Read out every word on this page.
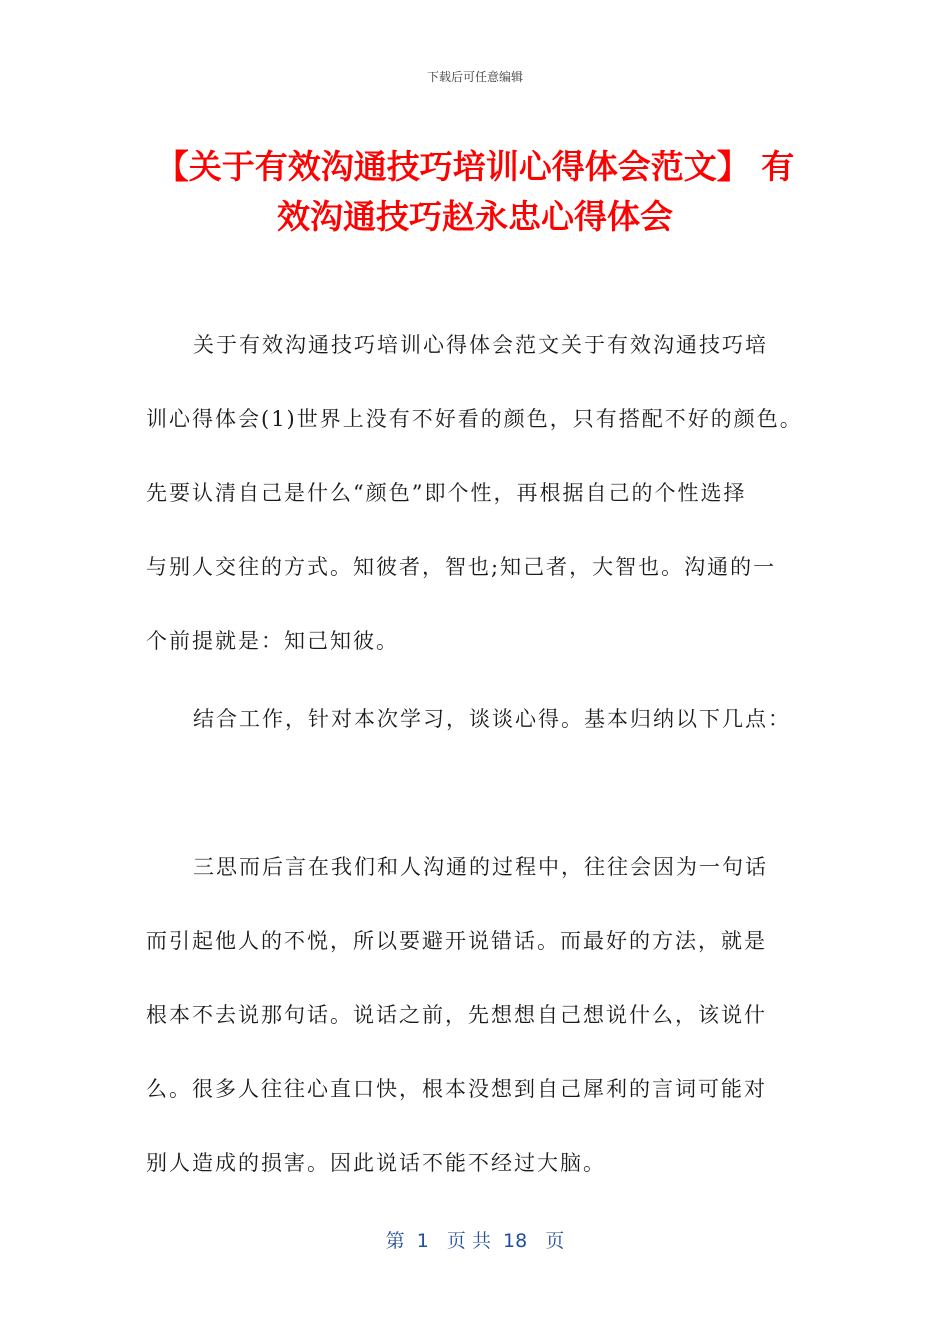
下载后可任意编辑
【关于有效沟通技巧培训心得体会范文】 有
效沟通技巧赵永忠心得体会
关于有效沟通技巧培训心得体会范文关于有效沟通技巧培
训心得体会(1)世界上没有不好看的颜色，只有搭配不好的颜色。
先要认清自己是什么“颜色”即个性，再根据自己的个性选择
与别人交往的方式。知彼者，智也;知己者，大智也。沟通的一
个前提就是：知己知彼。
结合工作，针对本次学习，谈谈心得。基本归纳以下几点：
三思而后言在我们和人沟通的过程中，往往会因为一句话
而引起他人的不悦，所以要避开说错话。而最好的方法，就是
根本不去说那句话。说话之前，先想想自己想说什么，该说什
么。很多人往往心直口快，根本没想到自己犀利的言词可能对
别人造成的损害。因此说话不能不经过大脑。
第  1   页 共  18   页
